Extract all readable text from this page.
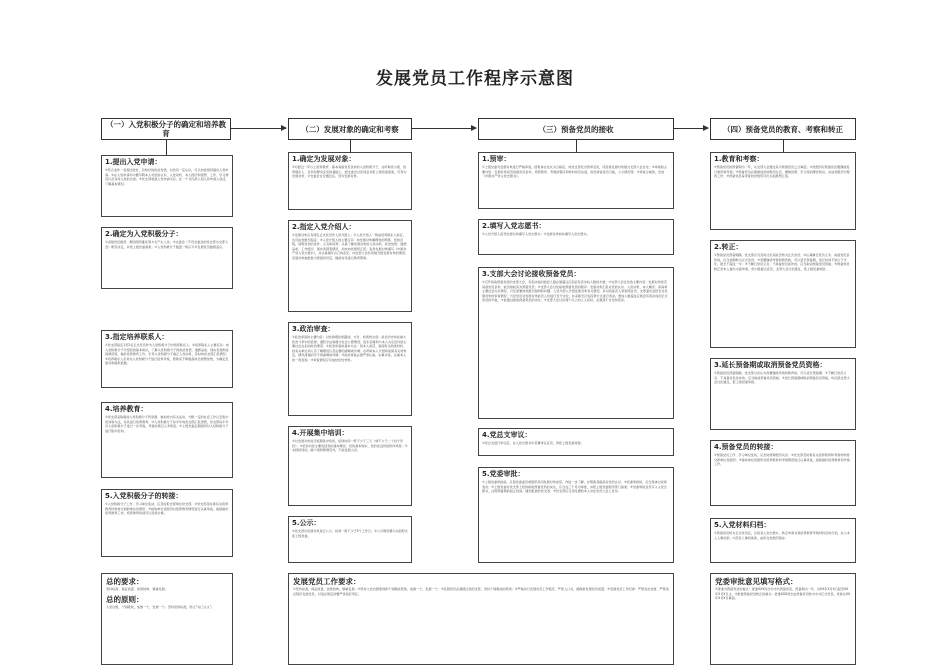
发展党员工作程序示意图
（一）入党积极分子的确定和培养教育	（二）发展对象的确定和考察	（三）预备党员的接收	（四）预备党员的教育、考察和转正
1.提出入党申请：
①符合条件一表现比较好，有较好的政治觉悟，对党有一定认识，可以向党组织提出入党申请。②在入党申请书中要写明本人对党的认识、入党动机、本人经历和思想、工作、学习情况以及对待入党的态度。③党支部收到入党申请书后，在一个月内派人同入党申请人谈话，了解基本情况。
2.确定为入党积极分子：
①采取党员推荐、群团组织推优等方式产生人选；②支委会（不设支委会的党支部为支部大会）研究决定，并报上级党委备案；③入党积极分子数量一般应与年发展党员数相适应。
3.指定培养联系人：
①党支部指定1至2名正式党员作为入党积极分子的培养联系人；②培养联系人主要任务：向入党积极分子介绍党的基本知识，了解入党积极分子的政治觉悟、道德品质、现实表现和家庭情况等，做好培养教育工作，引导入党积极分子端正入党动机，及时向党支部汇报情况；③培养联系人负责对入党积极分子进行培养考察，帮助其不断提高政治思想觉悟，为确定发展对象提供依据。
4.培养教育：
①党支部采取吸收入党积极分子听党课、参加党内有关活动，分配一定的社会工作以及集中培训等方法，对其进行培养教育；②入党积极分子每半年向党支部汇报思想，党支部每半年对入党积极分子进行一次考察，考察结果记入考察表；③上级党委定期组织对入党积极分子进行集中培训。
5.入党积极分子的转接：
①入党积极分子工作、学习单位变动，应及时报告原单位党支部；②党支部及时将有关培养教育材料转交到新单位党组织；③接收单位党组织对培养教育情况进行认真审查，接续做好培养教育工作，培养教育时间可以连续计算。
1.确定为发展对象：
①对经过一年以上培养教育、基本具备党员条件的入党积极分子，在听取党小组、培养联系人、党员和群众意见的基础上，经支委会讨论同意并报上级党委备案，可列为发展对象；②支委会讨论通过后，列为发展对象。
2.指定入党介绍人：
①发展对象应有两名正式党员作入党介绍人；②入党介绍人一般由培养联系人担任，也可由党组织指定；③入党介绍人的主要任务：向发展对象解释党的纲领、党的章程，说明党员的条件、义务和权利；认真了解发展对象的入党动机、政治觉悟、道德品质、工作经历、现实表现等情况，如实向党组织汇报；指导发展对象填写《中国共产党入党志愿书》，并认真填写自己的意见；向支部大会负责地介绍发展对象的情况；发展对象被批准为预备党员后，继续对其进行教育帮助。
3.政治审查：
①政治审查的主要内容：对党的理论和路线、方针、政策的态度；政治历史和在重大政治斗争中的表现；遵纪守法和遵守社会公德情况；直系亲属和与本人关系密切的主要社会关系的政治情况；②政治审查的基本方法：同本人谈话、查阅有关档案材料、找有关单位和人员了解情况以及必要的函调或外调；在听取本人介绍和查阅有关材料后，情况清楚的可不再函调或外调；③政治审查必须严肃认真，实事求是，注重本人的一贯表现；④审查情况应写成结论性材料。
4.开展集中培训：
①对发展对象进行短期集中培训，培训时间一般不少于三天（或不少于二十四个学时）；②培训内容主要包括党的基本理论、党的基本知识、党的优良传统和作风等；③未经培训的，除个别特殊情况外，不能发展入党。
5.公示：
①党支部对发展对象进行公示，时间一般不少于5个工作日；②公示情况要以书面形式报上级党委。
1.预审：
①上级党委对发展对象进行严格审查，经集体讨论认为合格后，向党支部发出预审意见，同意将发展对象提交支部大会讨论；②审查的主要内容：发展对象是否具备党员条件，培养教育、考察的程序和材料是否完备，政治审查是否合格，公示情况等；③审查合格的，发放《中国共产党入党志愿书》。
2.填写入党志愿书：
①入党介绍人指导发展对象填写入党志愿书；②发展对象如实填写入党志愿书。
3.支部大会讨论接收预备党员：
①召开接收预备党员的支部大会，有表决权的到会人数必须超过应到会有表决权人数的半数；②支部大会讨论的主要内容：发展对象是否具备党员条件，能否接收其为预备党员；③支部大会讨论接收预备党员的程序：发展对象汇报对党的认识、入党动机、本人履历、家庭和主要社会关系情况，以及需要向党组织说明的问题；入党介绍人介绍发展对象有关情况，并对其能否入党表明意见；支部委员会报告对发展对象的审查情况；与会党员对发展对象能否入党进行充分讨论，并采取无记名投票方式进行表决。赞成人数超过应到会有表决权的正式党员的半数，才能通过接收预备党员的决议；④支部大会讨论两个以上的人入党时，必须逐个讨论和表决。
4.党总支审议：
①党总支进行审议后，在入党志愿书中签署审议意见，再报上级党委审批。
5.党委审批：
①上级党委审批前，应派党委委员或组织员同发展对象谈话，作进一步了解，并帮助其提高对党的认识；②党委审批时，应当集体讨论和表决；③上级党委对党支部上报的接收预备党员的决议，应当在三个月内审批，并报上级党委组织部门备案；④党委审批意见写入入党志愿书，注明预备期的起止时间，通知报批的党支部；⑤党支部应当及时通知本人并在党员大会上宣布。
1.教育和考察：
①预备党员的预备期为一年，从支部大会通过其为预备党员之日算起；②党组织对预备党员要继续进行教育和考察；③预备党员必须参加党的组织生活、缴纳党费、学习党的理论知识，完成党组织分配的工作；④预备党员每季度向党组织写出书面思想汇报。
2.转正：
①预备党员预备期满，党支部应当及时讨论其能否转为正式党员；②认真履行党员义务、具备党员条件的，应当按期转为正式党员；③需要继续考察和教育的，可以延长预备期，延长时间不能少于半年，最长不超过一年；④不履行党员义务、不具备党员条件的，应当取消预备党员资格；⑤预备党员转正需本人提出书面申请，党小组提出意见，支部大会讨论通过，报上级党委审批。
3.延长预备期或取消预备党员资格：
①预备党员预备期满，党支部讨论认为需要继续考察和教育的，可以延长预备期；②不履行党员义务、不具备党员条件的，应当取消预备党员资格；③延长预备期或取消预备党员资格，均应经支部大会讨论通过，报上级党委审批。
4.预备党员的转接：
①预备党员工作、学习单位变动，应及时转移组织关系；②党支部及时将有关培养教育和考察材料转交新单位党组织；③接收单位党组织对培养教育和考察情况进行认真审查，接续做好培养教育和考察工作。
5.入党材料归档：
①预备党员转为正式党员后，应将其入党志愿书、转正申请书和培养教育考察材料及时归档，存入本人人事档案；②没有人事档案的，由所在党组织保存。
总的要求：
坚持标准、保证质量、改善结构、慎重发展。
总的原则：
入党自愿，个别吸收，成熟一个，发展一个。坚持党的标准，防止“关门主义”。
发展党员工作要求：
①坚持标准，保证质量，改善结构，慎重发展；②坚持入党自愿原则和个别吸收原则，成熟一个，发展一个；③发展党员必须经过党的支部，坚持个别吸收的原则；④严格执行发展党员工作程序，严把入口关，确保新发展党员质量；⑤发展党员工作纪律：严禁突击发展、严禁违反程序发展党员，对违反规定的要严肃追究责任。
党委审批意见填写格式：
①批准为预备党员的格式：批准XXX同志为中共预备党员，预备期为一年，自XX年X月X日起至XX年X月X日止。②批准预备党员转正的格式：批准XXX同志由预备党员转为中共正式党员，党龄从XX年X月X日算起。
